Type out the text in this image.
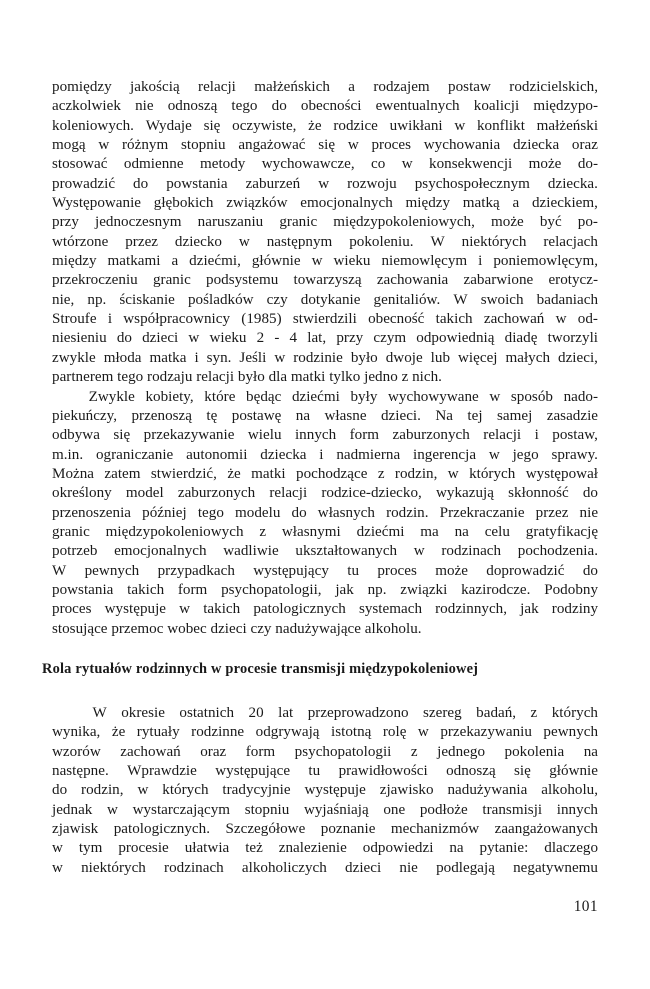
pomiędzy jakością relacji małżeńskich a rodzajem postaw rodzicielskich,
aczkolwiek nie odnoszą tego do obecności ewentualnych koalicji międzypo-
koleniowych. Wydaje się oczywiste, że rodzice uwikłani w konflikt małżeński
mogą w różnym stopniu angażować się w proces wychowania dziecka oraz
stosować odmienne metody wychowawcze, co w konsekwencji może do-
prowadzić do powstania zaburzeń w rozwoju psychospołecznym dziecka.
Występowanie głębokich związków emocjonalnych między matką a dzieckiem,
przy jednoczesnym naruszaniu granic międzypokoleniowych, może być po-
wtórzone przez dziecko w następnym pokoleniu. W niektórych relacjach
między matkami a dziećmi, głównie w wieku niemowlęcym i poniemowlęcym,
przekroczeniu granic podsystemu towarzyszą zachowania zabarwione erotycz-
nie, np. ściskanie pośladków czy dotykanie genitaliów. W swoich badaniach
Stroufe i współpracownicy (1985) stwierdzili obecność takich zachowań w od-
niesieniu do dzieci w wieku 2 - 4 lat, przy czym odpowiednią diadę tworzyli
zwykle młoda matka i syn. Jeśli w rodzinie było dwoje lub więcej małych dzieci,
partnerem tego rodzaju relacji było dla matki tylko jedno z nich.
Zwykle kobiety, które będąc dziećmi były wychowywane w sposób nado-
piekuńczy, przenoszą tę postawę na własne dzieci. Na tej samej zasadzie
odbywa się przekazywanie wielu innych form zaburzonych relacji i postaw,
m.in. ograniczanie autonomii dziecka i nadmierna ingerencja w jego sprawy.
Można zatem stwierdzić, że matki pochodzące z rodzin, w których występował
określony model zaburzonych relacji rodzice-dziecko, wykazują skłonność do
przenoszenia później tego modelu do własnych rodzin. Przekraczanie przez nie
granic międzypokoleniowych z własnymi dziećmi ma na celu gratyfikację
potrzeb emocjonalnych wadliwie ukształtowanych w rodzinach pochodzenia.
W pewnych przypadkach występujący tu proces może doprowadzić do
powstania takich form psychopatologii, jak np. związki kazirodcze. Podobny
proces występuje w takich patologicznych systemach rodzinnych, jak rodziny
stosujące przemoc wobec dzieci czy nadużywające alkoholu.
Rola rytuałów rodzinnych w procesie transmisji międzypokoleniowej
W okresie ostatnich 20 lat przeprowadzono szereg badań, z których
wynika, że rytuały rodzinne odgrywają istotną rolę w przekazywaniu pewnych
wzorów zachowań oraz form psychopatologii z jednego pokolenia na
następne. Wprawdzie występujące tu prawidłowości odnoszą się głównie
do rodzin, w których tradycyjnie występuje zjawisko nadużywania alkoholu,
jednak w wystarczającym stopniu wyjaśniają one podłoże transmisji innych
zjawisk patologicznych. Szczegółowe poznanie mechanizmów zaangażowanych
w tym procesie ułatwia też znalezienie odpowiedzi na pytanie: dlaczego
w niektórych rodzinach alkoholiczych dzieci nie podlegają negatywnemu
101
